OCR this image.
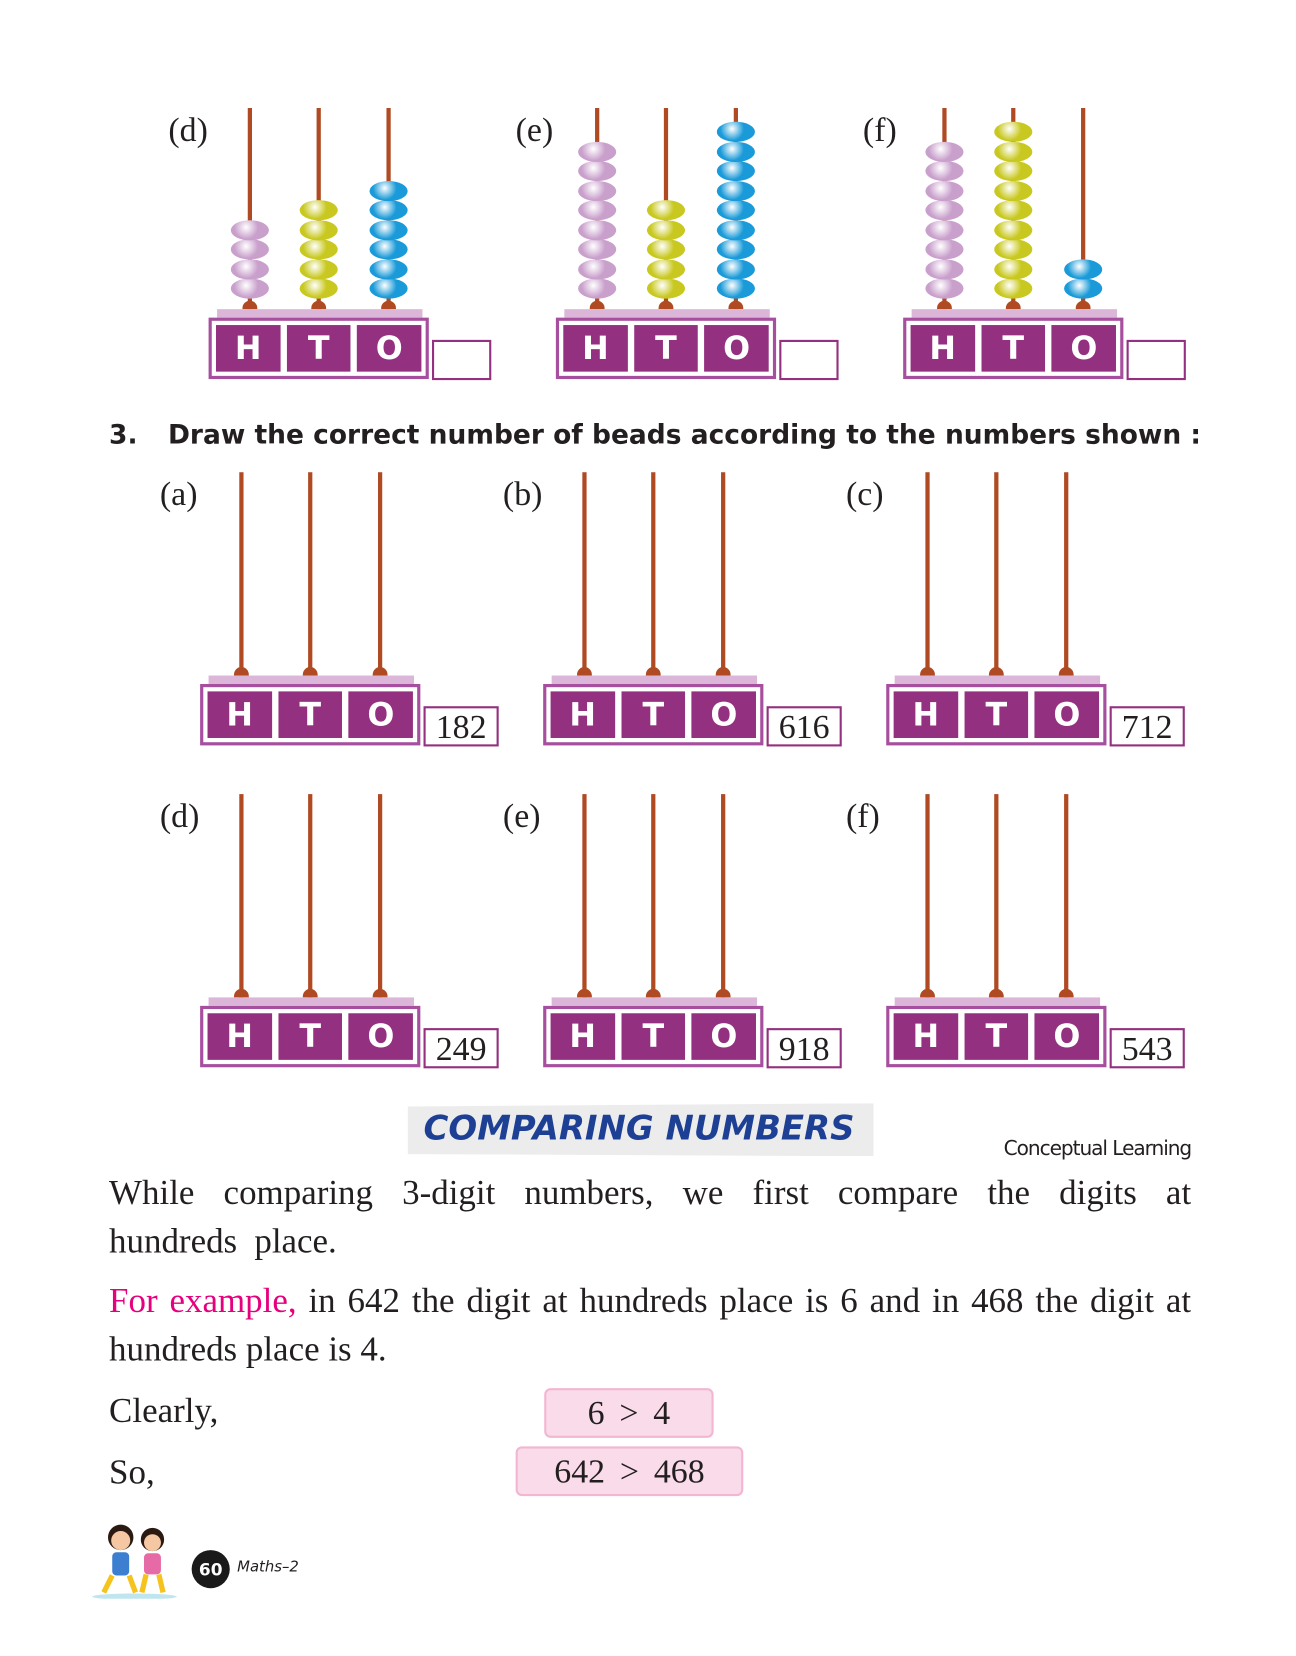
(d)
H	T	O
(e)
H	T	O
(f)
H	T	O
(a)
H	T	O	182
(b)
H	T	O	616
(c)
H	T	O	712
(d)
H	T	O	249
(e)
H	T	O	918
(f)
H	T	O	543
3. Draw the correct number of beads according to the numbers shown :
COMPARING NUMBERS
Conceptual Learning
While comparing 3-digit numbers, we first compare the digits at hundreds place.
For example, in 642 the digit at hundreds place is 6 and in 468 the digit at hundreds place is 4.
Clearly,	6 > 4
So,	642 > 468
60 Maths–2
